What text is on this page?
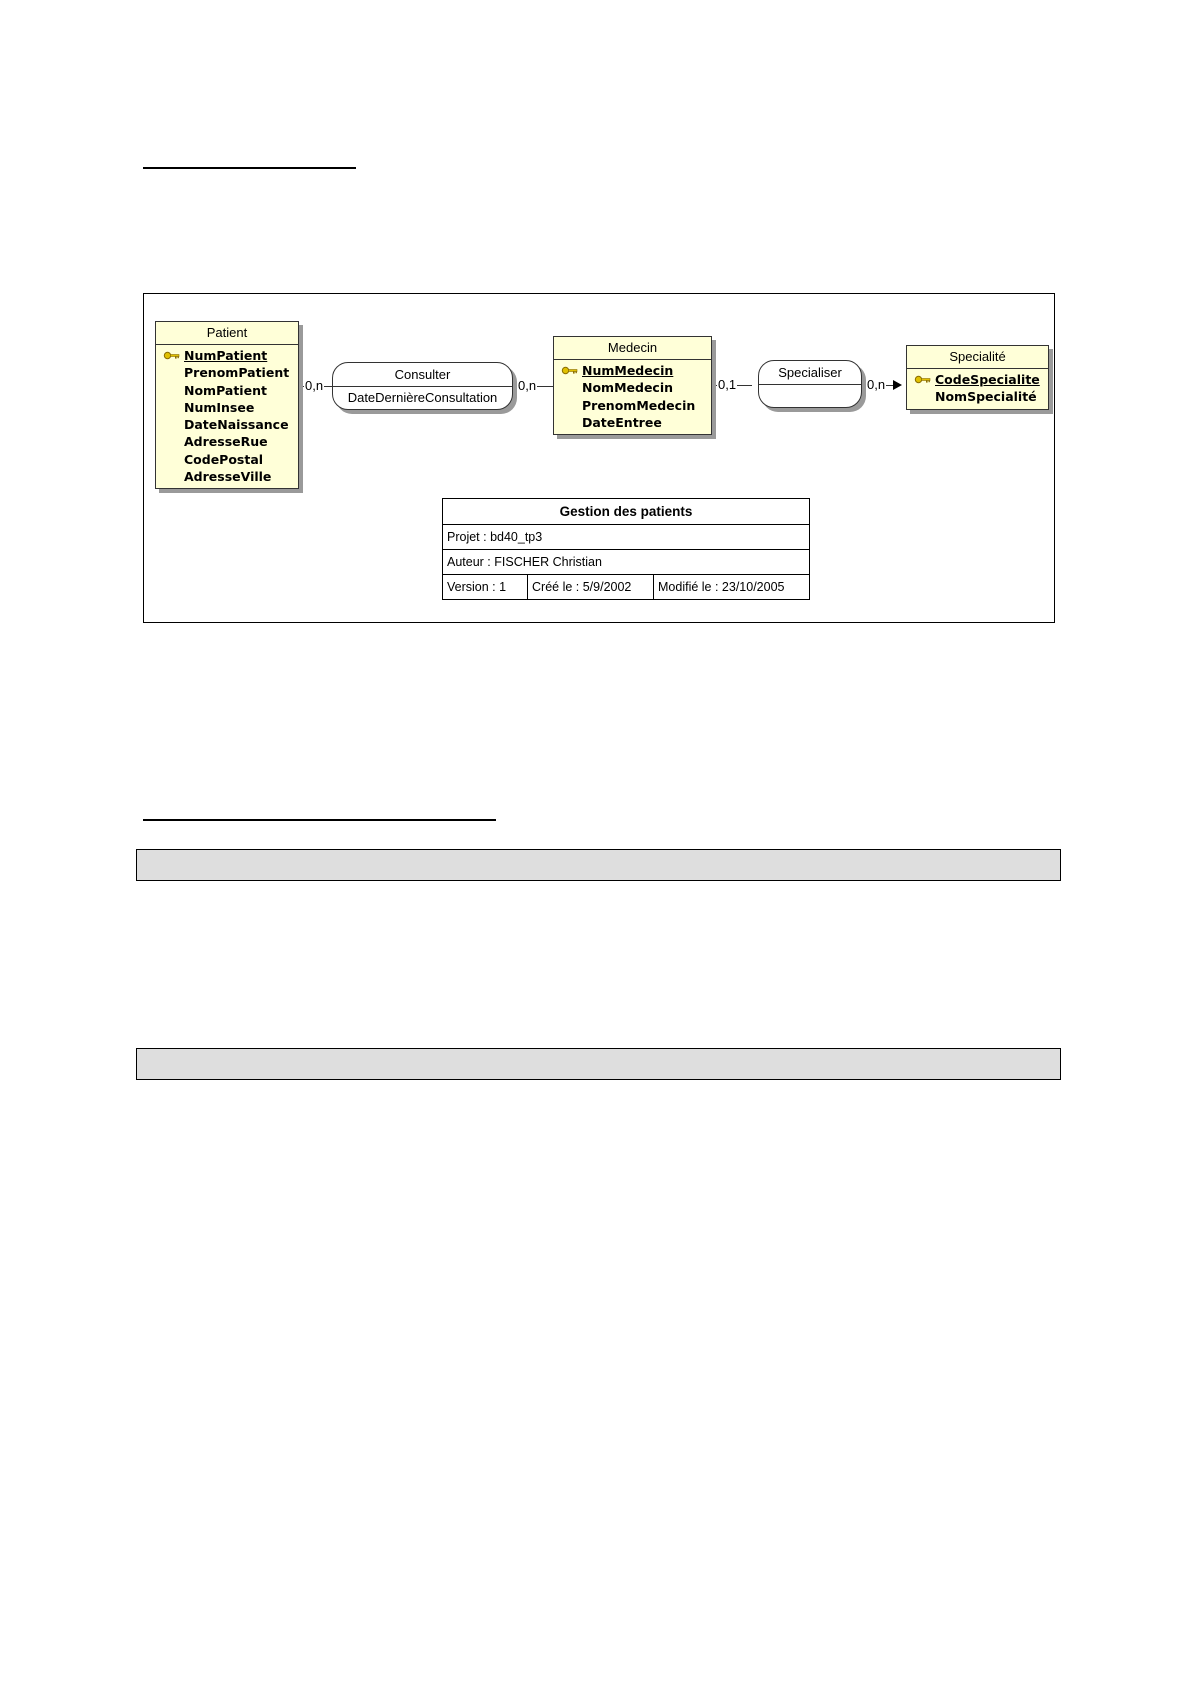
0,n	0,n	0,1	0,n
Patient
NumPatient
PrenomPatient
NomPatient
NumInsee
DateNaissance
AdresseRue
CodePostal
AdresseVille
Consulter
DateDernièreConsultation
Medecin
NumMedecin
NomMedecin
PrenomMedecin
DateEntree
Specialiser
Specialité
CodeSpecialite
NomSpecialité
Gestion des patients
Projet : bd40_tp3
Auteur : FISCHER Christian
Version : 1	Créé le : 5/9/2002	Modifié le : 23/10/2005
